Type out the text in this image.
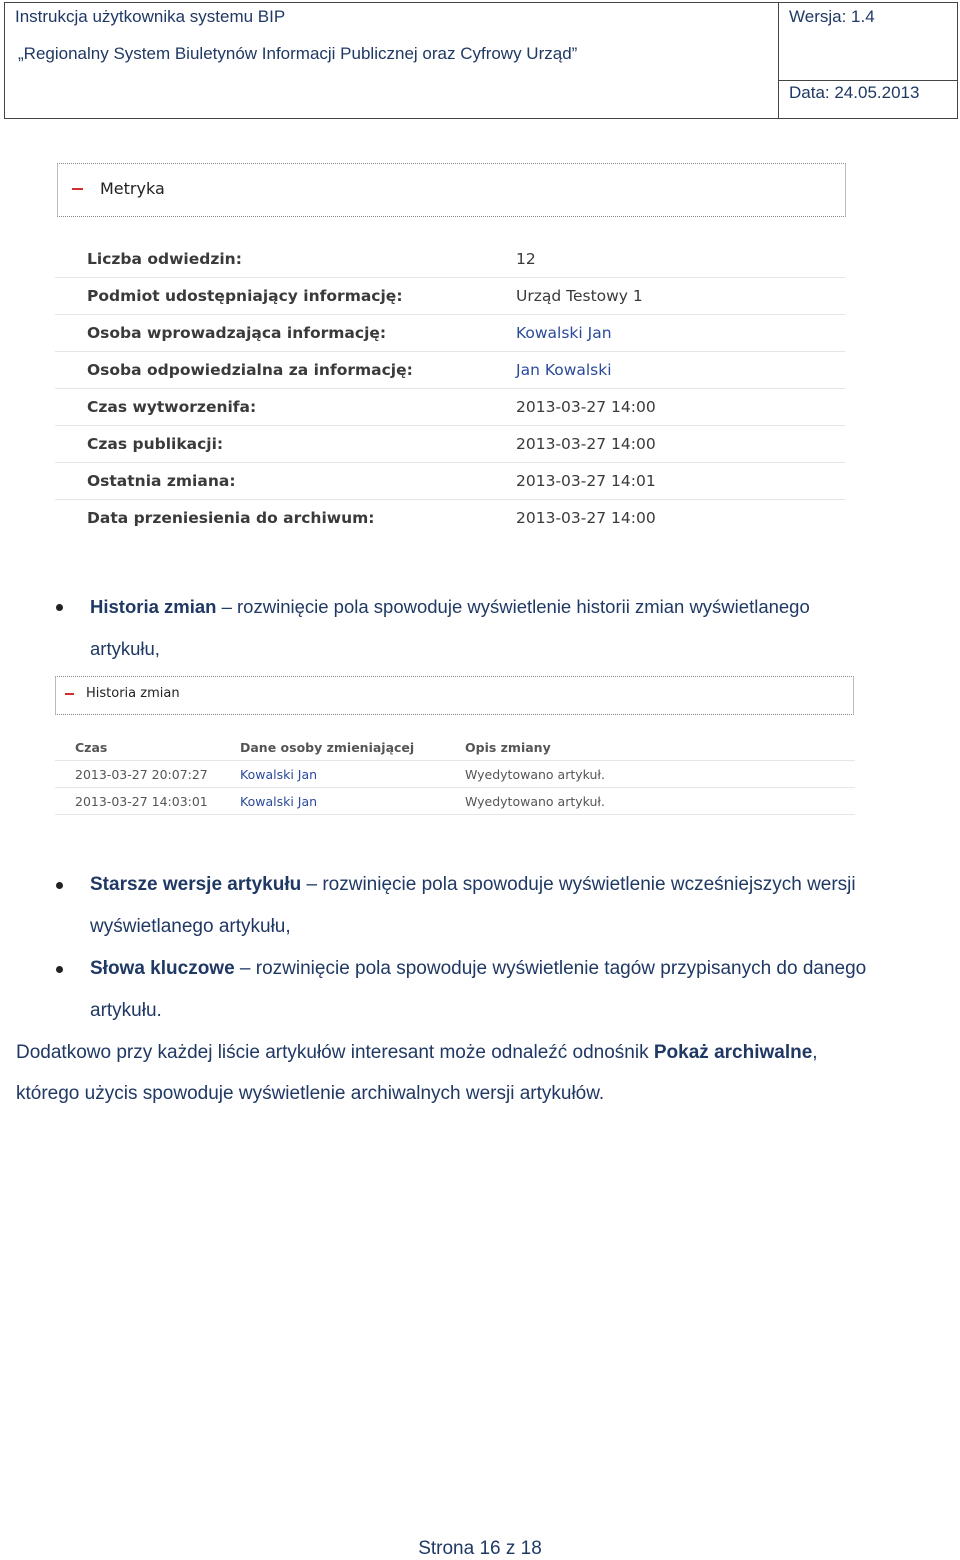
Instrukcja użytkownika systemu BIP
„Regionalny System Biuletynów Informacji Publicznej oraz Cyfrowy Urząd”
Wersja: 1.4
Data: 24.05.2013
Metryka
Liczba odwiedzin:	12
Podmiot udostępniający informację:	Urząd Testowy 1
Osoba wprowadzająca informację:	Kowalski Jan
Osoba odpowiedzialna za informację:	Jan Kowalski
Czas wytworzenifa:	2013-03-27 14:00
Czas publikacji:	2013-03-27 14:00
Ostatnia zmiana:	2013-03-27 14:01
Data przeniesienia do archiwum:	2013-03-27 14:00
Historia zmian – rozwinięcie pola spowoduje wyświetlenie historii zmian wyświetlanego
artykułu,
Historia zmian
Czas	Dane osoby zmieniającej	Opis zmiany
2013-03-27 20:07:27	Kowalski Jan	Wyedytowano artykuł.
2013-03-27 14:03:01	Kowalski Jan	Wyedytowano artykuł.
Starsze wersje artykułu – rozwinięcie pola spowoduje wyświetlenie wcześniejszych wersji
wyświetlanego artykułu,
Słowa kluczowe – rozwinięcie pola spowoduje wyświetlenie tagów przypisanych do danego
artykułu.
Dodatkowo przy każdej liście artykułów interesant może odnaleźć odnośnik Pokaż archiwalne,
którego użycis spowoduje wyświetlenie archiwalnych wersji artykułów.
Strona 16 z 18
